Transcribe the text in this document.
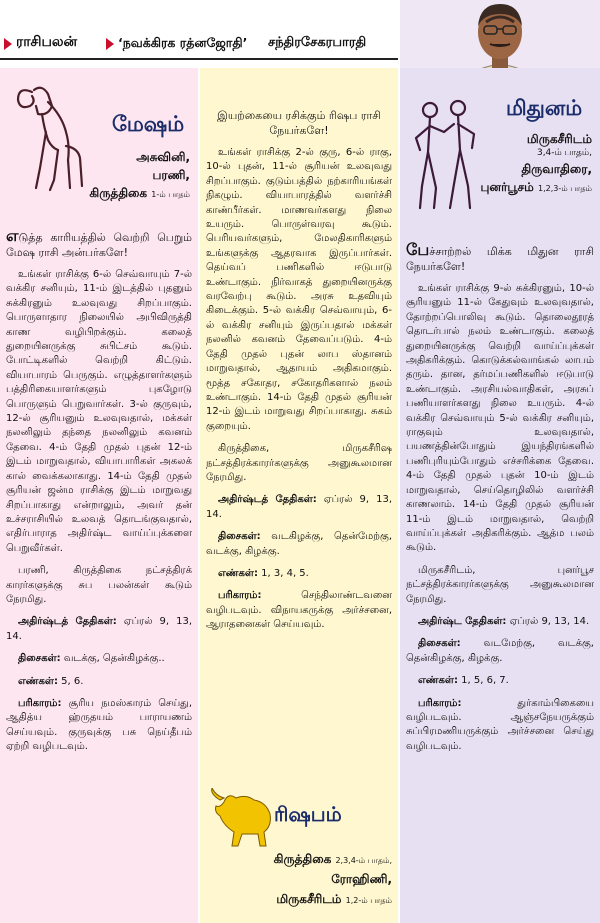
ராசிபலன்	‘நவக்கிரக ரத்னஜோதி’ சந்திரசேகரபாரதி
மேஷம்
அசுவினி,
பரணி,
கிருத்திகை 1-ம் பாதம்

எடுத்த காரியத்தில் வெற்றி பெறும் மேஷ ராசி அன்பர்களே!

உங்கள் ராசிக்கு 6-ல் செவ்வாயும் 7-ல் வக்கிர சனியும், 11-ம் இடத்தில் புதனும் சுக்கிரனும் உலவுவது சிறப்பாகும். பொருளாதார நிலையில் அபிவிருத்தி காண வழிபிறக்கும். கலைத் துறையினருக்கு சுபிட்சம் கூடும். போட்டிகளில் வெற்றி கிட்டும். வியாபாரம் பெருகும். எழுத்தாளர்களும் பத்திரிகையாளர்களும் புகழோடு பொருளும் பெறுவார்கள். 3-ல் குருவும், 12-ல் சூரியனும் உலவுவதால், மக்கள் நலனிலும் தந்தை நலனிலும் கவனம் தேவை. 4-ம் தேதி முதல் புதன் 12-ம் இடம் மாறுவதால், வியாபாரிகள் அகலக் கால் வைக்கலாகாது. 14-ம் தேதி முதல் சூரியன் ஜன்ம ராசிக்கு இடம் மாறுவது சிறப்பாகாது என்றாலும், அவர் தன் உச்சராசியில் உலவத் தொடங்குவதால், எதிர்பாராத அதிர்ஷ்ட வாய்ப்புக்களை பெறுவீர்கள்.

பரணி, கிருத்திகை நட்சத்திரக் காரர்களுக்கு சுப பலன்கள் கூடும் நேரமிது.

அதிர்ஷ்டத் தேதிகள்: ஏப்ரல் 9, 13, 14.

திசைகள்: வடக்கு, தென்கிழக்கு..

எண்கள்: 5, 6.

பரிகாரம்: சூரிய நமஸ்காரம் செய்து, ஆதித்ய ஹ்ருதயம் பாராயணம் செய்யவும். குருவுக்கு பசு நெய்தீபம் ஏற்றி வழிபடவும்.

இயற்கையை ரசிக்கும் ரிஷப ராசி நேயர்களே!

உங்கள் ராசிக்கு 2-ல் குரு, 6-ல் ராகு, 10-ல் புதன், 11-ல் சூரியன் உலவுவது சிறப்பாகும். குடும்பத்தில் நற்காரியங்கள் நிகழும். வியாபாரத்தில் வளர்ச்சி காண்பீர்கள். மாணவர்களது நிலை உயரும். பொருள்வரவு கூடும். பெரியவர்களும், மேலதிகாரிகளும் உங்களுக்கு ஆதரவாக இருப்பார்கள். தெய்வப் பணிகளில் ஈடுபாடு உண்டாகும். நிர்வாகத் துறையினருக்கு வரவேற்பு கூடும். அரசு உதவியும் கிடைக்கும். 5-ல் வக்கிர செவ்வாயும், 6-ல் வக்கிர சனியும் இருப்பதால் மக்கள் நலனில் கவனம் தேவைப்படும். 4-ம் தேதி முதல் புதன் லாப ஸ்தானம் மாறுவதால், ஆதாயம் அதிகமாகும். மூத்த சகோதர, சகோதரிகளால் நலம் உண்டாகும். 14-ம் தேதி முதல் சூரியன் 12-ம் இடம் மாறுவது சிறப்பாகாது. சுகம் குறையும்.

கிருத்திகை, மிருகசீரிஷ நட்சத்திரக்காரர்களுக்கு அனுகூலமான நேரமிது.

அதிர்ஷ்டத் தேதிகள்: ஏப்ரல் 9, 13, 14.

திசைகள்: வடகிழக்கு, தென்மேற்கு, வடக்கு, கிழக்கு.

எண்கள்: 1, 3, 4, 5.

பரிகாரம்:	செந்திலாண்டவனை வழிபடவும். விநாயகருக்கு அர்ச்சனை, ஆராதனைகள் செய்யவும்.

ரிஷபம்
கிருத்திகை 2,3,4-ம் பாதம்,
ரோஹிணி,
மிருகசீரிடம் 1,2-ம் பாதம்
மிதுனம்
மிருகசீரிடம்
3,4-ம் பாதம்,
திருவாதிரை,
புனர்பூசம் 1,2,3-ம் பாதம்

பேச்சாற்றல் மிக்க மிதுன ராசி நேயர்களே!

உங்கள் ராசிக்கு 9-ல் சுக்கிரனும், 10-ல் சூரியனும் 11-ல் கேதுவும் உலவுவதால், தோற்றப்பொலிவு கூடும். தொலைதூரத் தொடர்பால் நலம் உண்டாகும். கலைத் துறையினருக்கு வெற்றி வாய்ப்புக்கள் அதிகரிக்கும். கொடுக்கல்வாங்கல் லாபம் தரும். தான, தர்மப்பணிகளில் ஈடுபாடு உண்டாகும். அரசியல்வாதிகள், அரசுப் பணியாளர்களது நிலை உயரும். 4-ல் வக்கிர செவ்வாயும் 5-ல் வக்கிர சனியும், ராகுவும் உலவுவதால், பயணத்தின்போதும் இயந்திரங்களில் பணிபுரியும்போதும் எச்சரிக்கை தேவை. 4-ம் தேதி முதல் புதன் 10-ம் இடம் மாறுவதால், செய்தொழிலில் வளர்ச்சி காணலாம். 14-ம் தேதி முதல் சூரியன் 11-ம் இடம் மாறுவதால், வெற்றி வாய்ப்புக்கள் அதிகரிக்கும். ஆத்ம பலம் கூடும்.

மிருகசீரிடம், புனர்பூச நட்சத்திரக்காரர்களுக்கு அனுகூலமான நேரமிது.

அதிர்ஷ்ட தேதிகள்: ஏப்ரல் 9, 13, 14.

திசைகள்: வடமேற்கு, வடக்கு, தென்கிழக்கு, கிழக்கு.

எண்கள்: 1, 5, 6, 7.

பரிகாரம்:	துர்காம்பிகையை வழிபடவும். ஆஞ்சநேயருக்கும் சுப்பிரமணியருக்கும் அர்ச்சனை செய்து வழிபடவும்.
